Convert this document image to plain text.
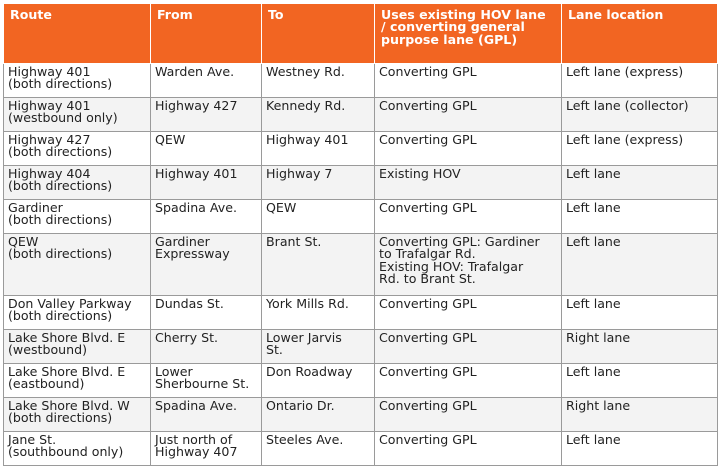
Route	From	To	Uses existing HOV lane
/ converting general
purpose lane (GPL)	Lane location

Highway 401
(both directions)	Warden Ave.	Westney Rd.	Converting GPL	Left lane (express)

Highway 401
(westbound only)	Highway 427	Kennedy Rd.	Converting GPL	Left lane (collector)

Highway 427
(both directions)	QEW	Highway 401	Converting GPL	Left lane (express)

Highway 404
(both directions)	Highway 401	Highway 7	Existing HOV	Left lane

Gardiner
(both directions)	Spadina Ave.	QEW	Converting GPL	Left lane

QEW
(both directions)	Gardiner
Expressway	Brant St.	Converting GPL: Gardiner
to Trafalgar Rd.
Existing HOV: Trafalgar
Rd. to Brant St.	Left lane

Don Valley Parkway
(both directions)	Dundas St.	York Mills Rd.	Converting GPL	Left lane

Lake Shore Blvd. E
(westbound)	Cherry St.	Lower Jarvis
St.	Converting GPL	Right lane

Lake Shore Blvd. E
(eastbound)	Lower
Sherbourne St.	Don Roadway	Converting GPL	Left lane

Lake Shore Blvd. W
(both directions)	Spadina Ave.	Ontario Dr.	Converting GPL	Right lane

Jane St.
(southbound only)	Just north of
Highway 407	Steeles Ave.	Converting GPL	Left lane
